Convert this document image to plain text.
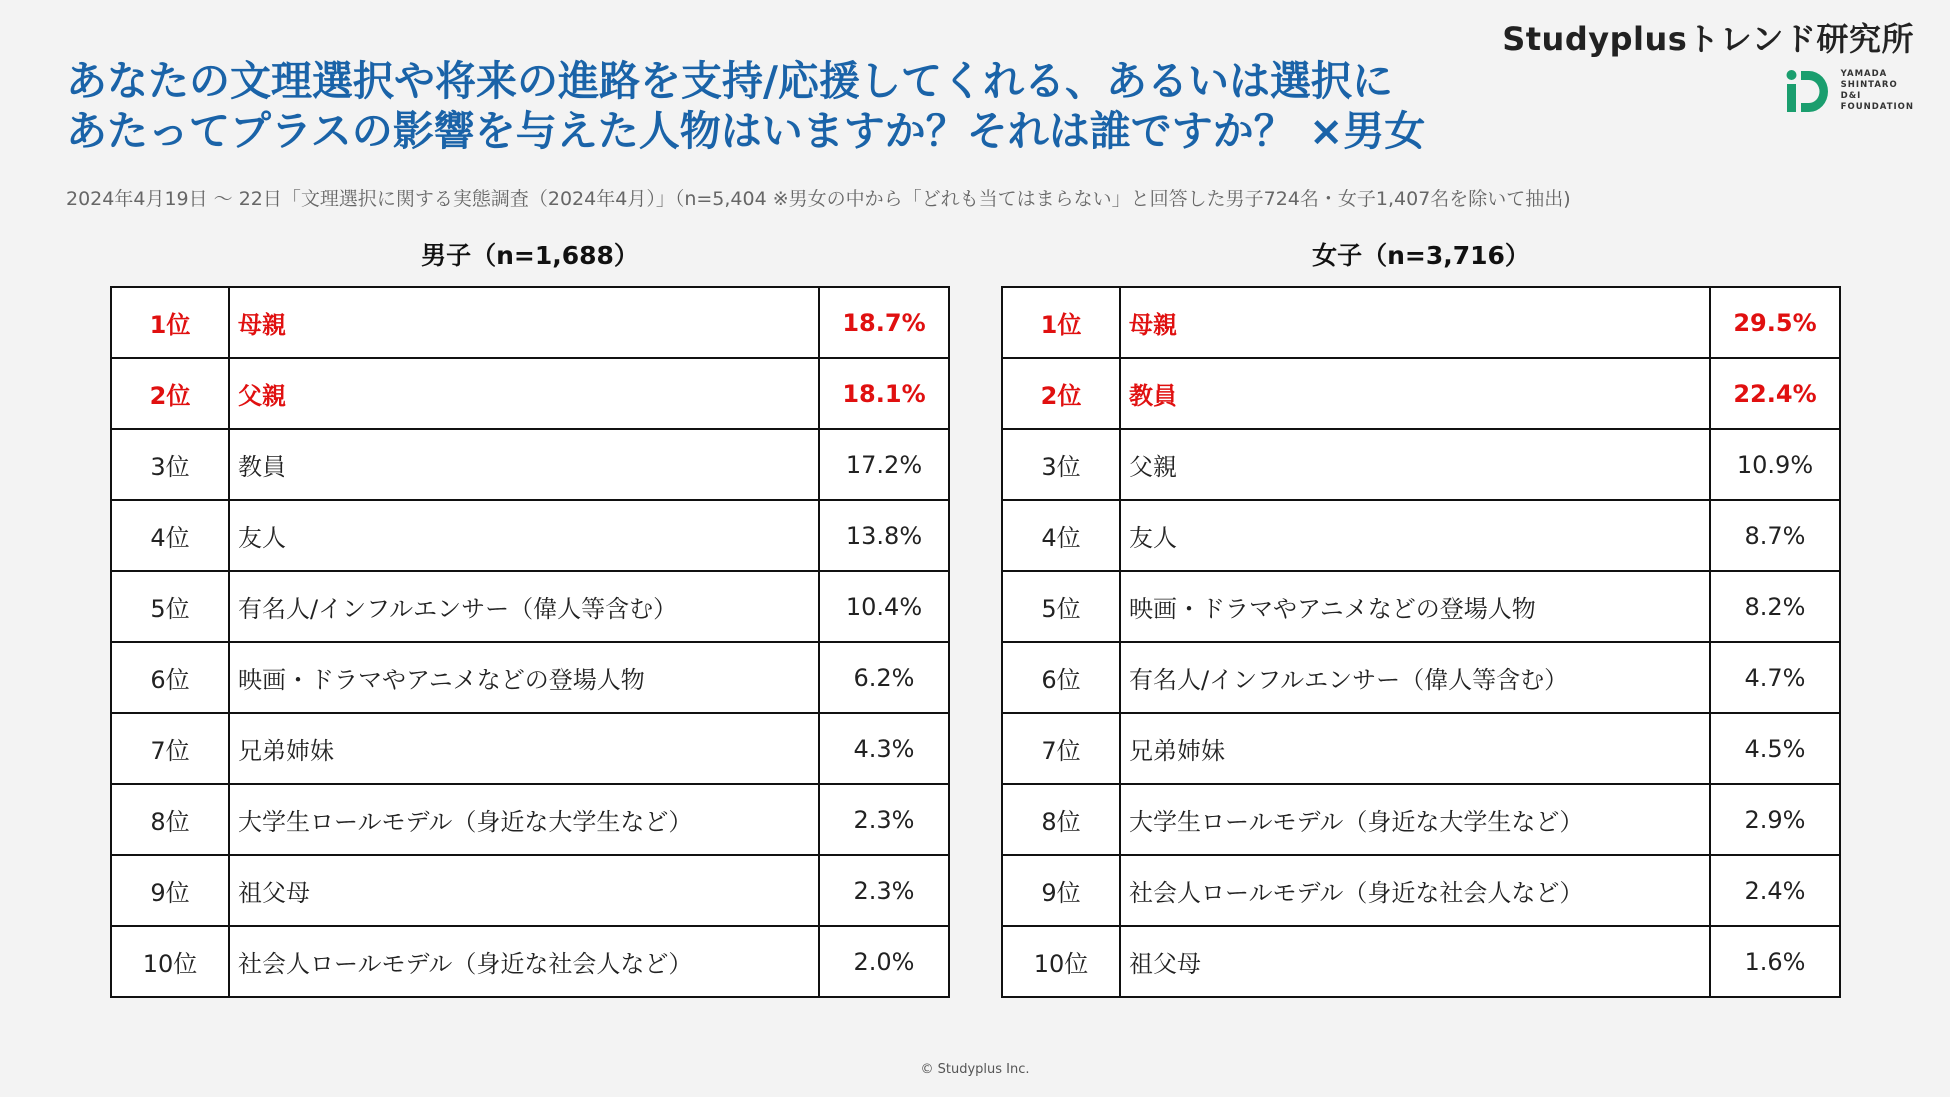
Studyplusトレンド研究所
YAMADA
SHINTARO
D&I
FOUNDATION
あなたの文理選択や将来の進路を支持/応援してくれる、あるいは選択に
あたってプラスの影響を与えた人物はいますか？それは誰ですか？ ×男女
2024年4月19日 〜 22日「文理選択に関する実態調査（2024年4月）」（n=5,404 ※男女の中から「どれも当てはまらない」と回答した男子724名・女子1,407名を除いて抽出)
男子（n=1,688）
1位	母親	18.7%
2位	父親	18.1%
3位	教員	17.2%
4位	友人	13.8%
5位	有名人/インフルエンサー（偉人等含む）	10.4%
6位	映画・ドラマやアニメなどの登場人物	6.2%
7位	兄弟姉妹	4.3%
8位	大学生ロールモデル（身近な大学生など）	2.3%
9位	祖父母	2.3%
10位	社会人ロールモデル（身近な社会人など）	2.0%
女子（n=3,716）
1位	母親	29.5%
2位	教員	22.4%
3位	父親	10.9%
4位	友人	8.7%
5位	映画・ドラマやアニメなどの登場人物	8.2%
6位	有名人/インフルエンサー（偉人等含む）	4.7%
7位	兄弟姉妹	4.5%
8位	大学生ロールモデル（身近な大学生など）	2.9%
9位	社会人ロールモデル（身近な社会人など）	2.4%
10位	祖父母	1.6%
© Studyplus Inc.
